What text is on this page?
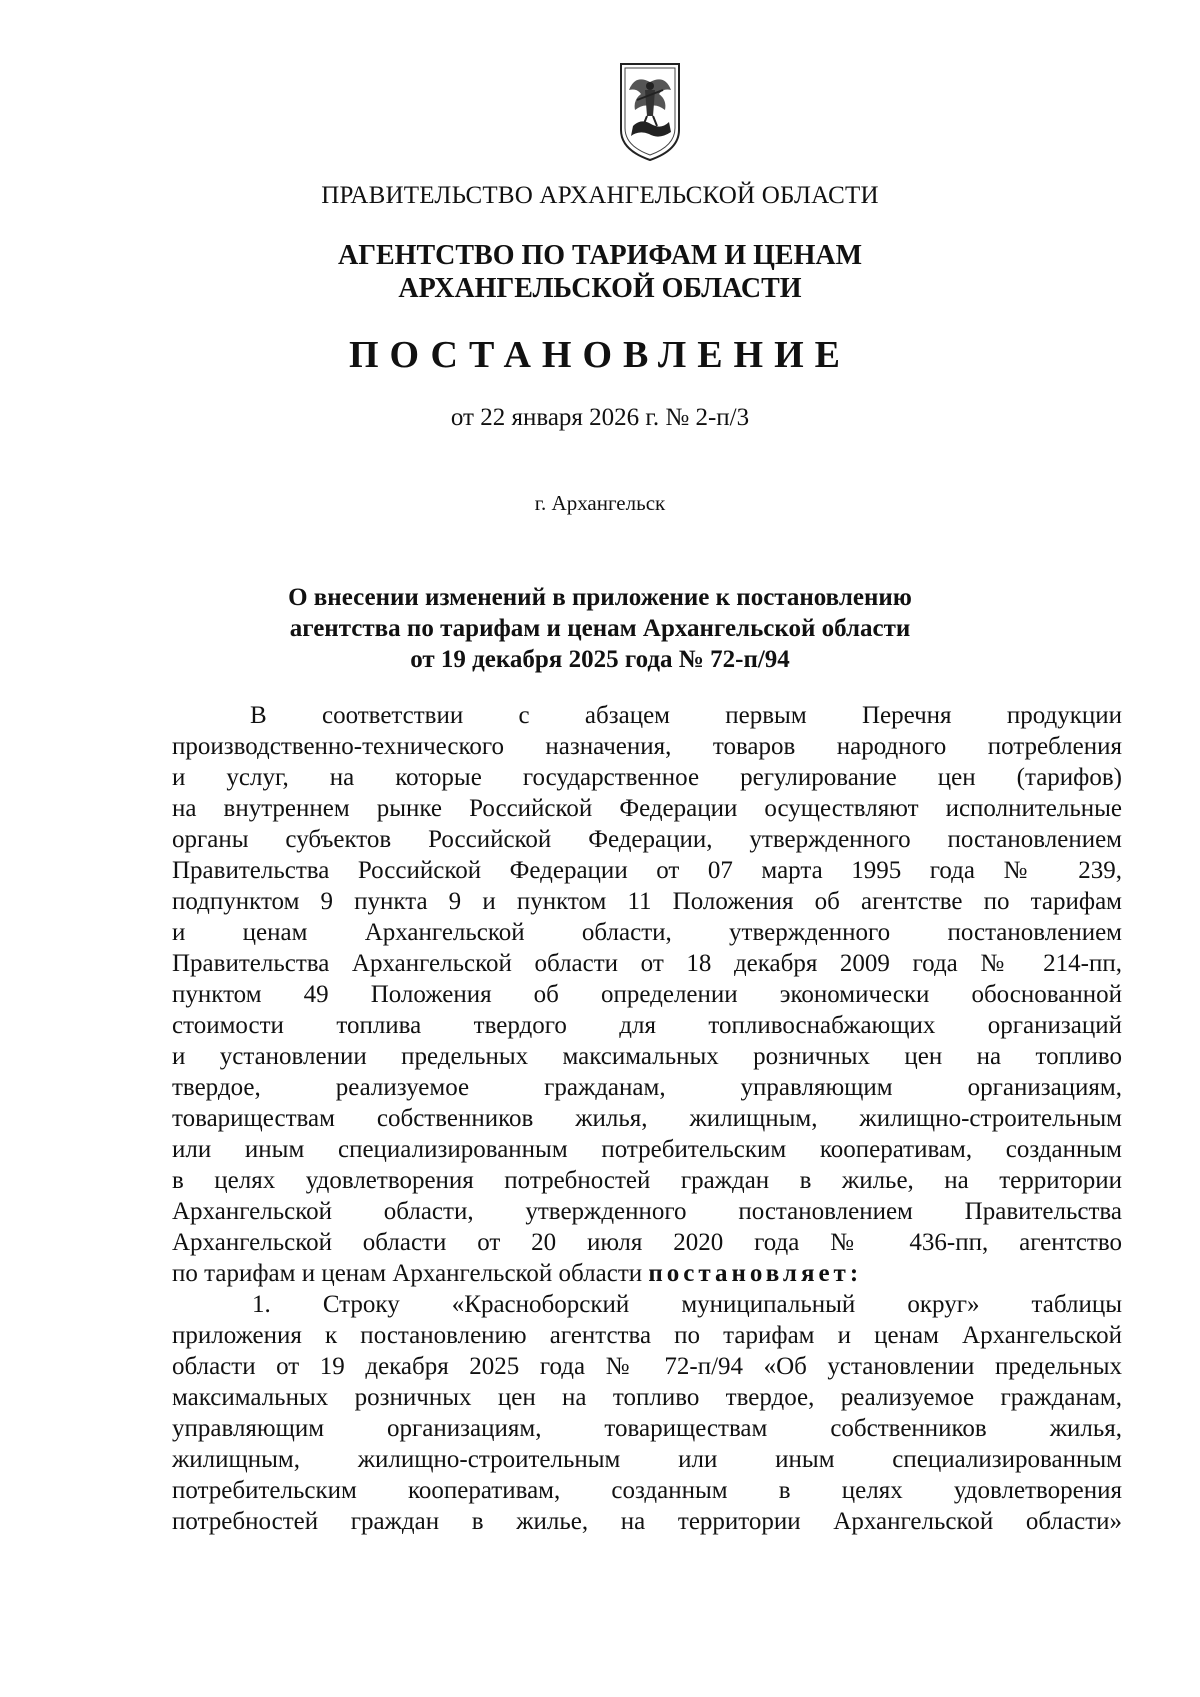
ПРАВИТЕЛЬСТВО АРХАНГЕЛЬСКОЙ ОБЛАСТИ
АГЕНТСТВО ПО ТАРИФАМ И ЦЕНАМ
АРХАНГЕЛЬСКОЙ ОБЛАСТИ
ПОСТАНОВЛЕНИЕ
от 22 января 2026 г. № 2-п/3
г. Архангельск
О внесении изменений в приложение к постановлению
агентства по тарифам и ценам Архангельской области
от 19 декабря 2025 года № 72-п/94
В соответствии с абзацем первым Перечня продукции
производственно-технического назначения, товаров народного потребления
и услуг, на которые государственное регулирование цен (тарифов)
на внутреннем рынке Российской Федерации осуществляют исполнительные
органы субъектов Российской Федерации, утвержденного постановлением
Правительства Российской Федерации от 07 марта 1995 года № 239,
подпунктом 9 пункта 9 и пунктом 11 Положения об агентстве по тарифам
и ценам Архангельской области, утвержденного постановлением
Правительства Архангельской области от 18 декабря 2009 года № 214-пп,
пунктом 49 Положения об определении экономически обоснованной
стоимости топлива твердого для топливоснабжающих организаций
и установлении предельных максимальных розничных цен на топливо
твердое, реализуемое гражданам, управляющим организациям,
товариществам собственников жилья, жилищным, жилищно-строительным
или иным специализированным потребительским кооперативам, созданным
в целях удовлетворения потребностей граждан в жилье, на территории
Архангельской области, утвержденного постановлением Правительства
Архангельской области от 20 июля 2020 года № 436-пп, агентство
по тарифам и ценам Архангельской области постановляет:
1. Строку «Красноборский муниципальный округ» таблицы
приложения к постановлению агентства по тарифам и ценам Архангельской
области от 19 декабря 2025 года № 72-п/94 «Об установлении предельных
максимальных розничных цен на топливо твердое, реализуемое гражданам,
управляющим организациям, товариществам собственников жилья,
жилищным, жилищно-строительным или иным специализированным
потребительским кооперативам, созданным в целях удовлетворения
потребностей граждан в жилье, на территории Архангельской области»
